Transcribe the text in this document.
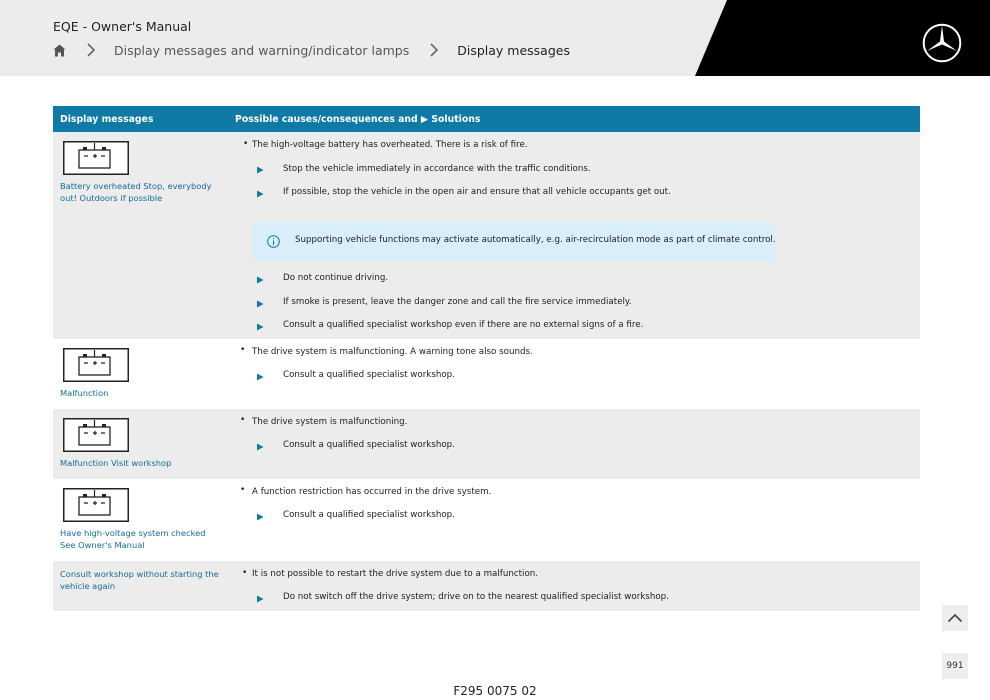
EQE - Owner's Manual
Display messages and warning/indicator lamps	Display messages
Display messages	Possible causes/consequences and ▶ Solutions
Battery overheated Stop, everybody out! Outdoors if possible
• The high-voltage battery has overheated. There is a risk of fire.
Stop the vehicle immediately in accordance with the traffic conditions.
If possible, stop the vehicle in the open air and ensure that all vehicle occupants get out.
Supporting vehicle functions may activate automatically, e.g. air-recirculation mode as part of climate control.
Do not continue driving.
If smoke is present, leave the danger zone and call the fire service immediately.
Consult a qualified specialist workshop even if there are no external signs of a fire.
Malfunction
• The drive system is malfunctioning. A warning tone also sounds.
Consult a qualified specialist workshop.
Malfunction Visit workshop
• The drive system is malfunctioning.
Consult a qualified specialist workshop.
Have high-voltage system checked See Owner's Manual
• A function restriction has occurred in the drive system.
Consult a qualified specialist workshop.
Consult workshop without starting the vehicle again
• It is not possible to restart the drive system due to a malfunction.
Do not switch off the drive system; drive on to the nearest qualified specialist workshop.
991
F295 0075 02
